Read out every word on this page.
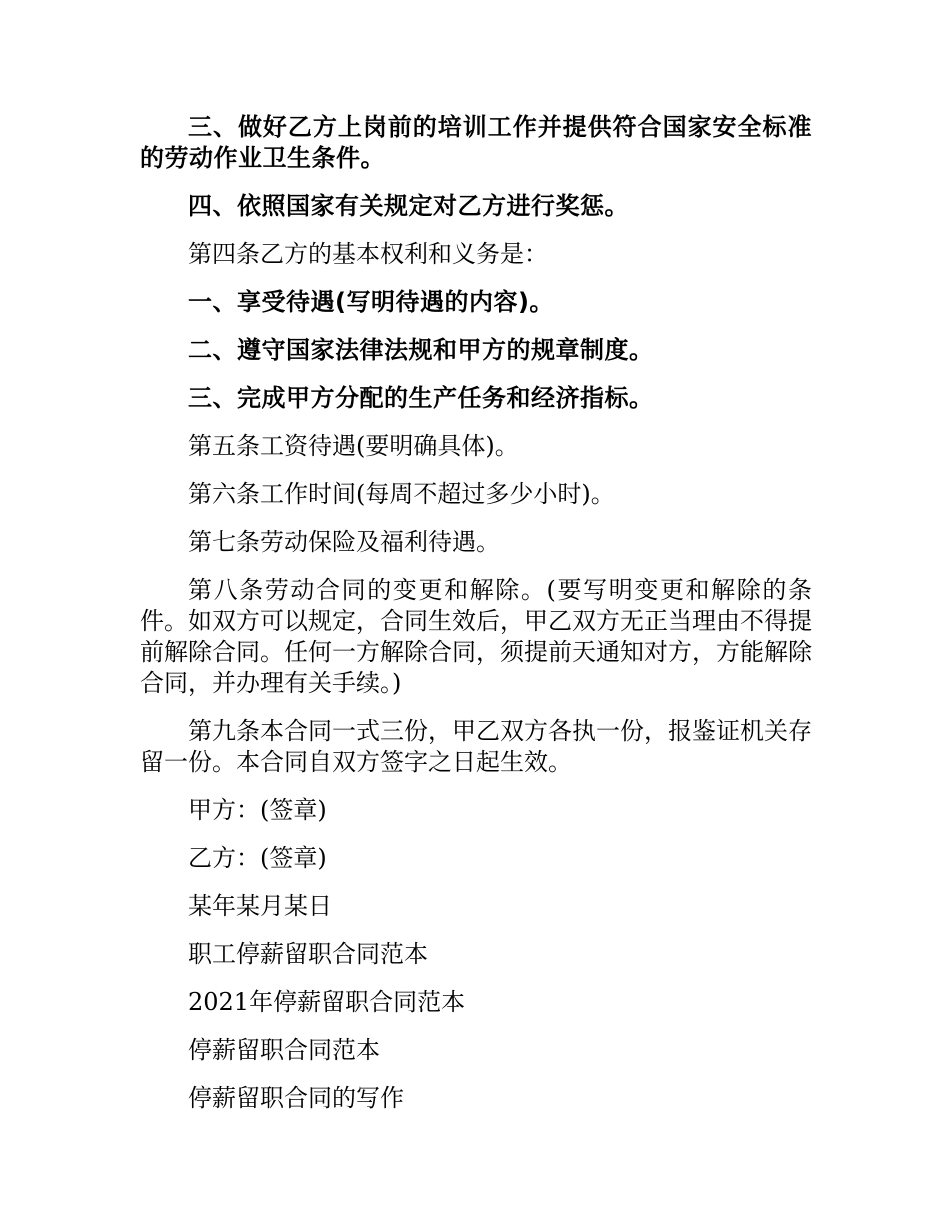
三、做好乙方上岗前的培训工作并提供符合国家安全标准的劳动作业卫生条件。

四、依照国家有关规定对乙方进行奖惩。

第四条乙方的基本权利和义务是：

一、享受待遇(写明待遇的内容)。

二、遵守国家法律法规和甲方的规章制度。

三、完成甲方分配的生产任务和经济指标。

第五条工资待遇(要明确具体)。

第六条工作时间(每周不超过多少小时)。

第七条劳动保险及福利待遇。

第八条劳动合同的变更和解除。(要写明变更和解除的条件。如双方可以规定，合同生效后，甲乙双方无正当理由不得提前解除合同。任何一方解除合同，须提前天通知对方，方能解除合同，并办理有关手续。)

第九条本合同一式三份，甲乙双方各执一份，报鉴证机关存留一份。本合同自双方签字之日起生效。

甲方：(签章)

乙方：(签章)

某年某月某日

职工停薪留职合同范本

2021年停薪留职合同范本

停薪留职合同范本

停薪留职合同的写作
